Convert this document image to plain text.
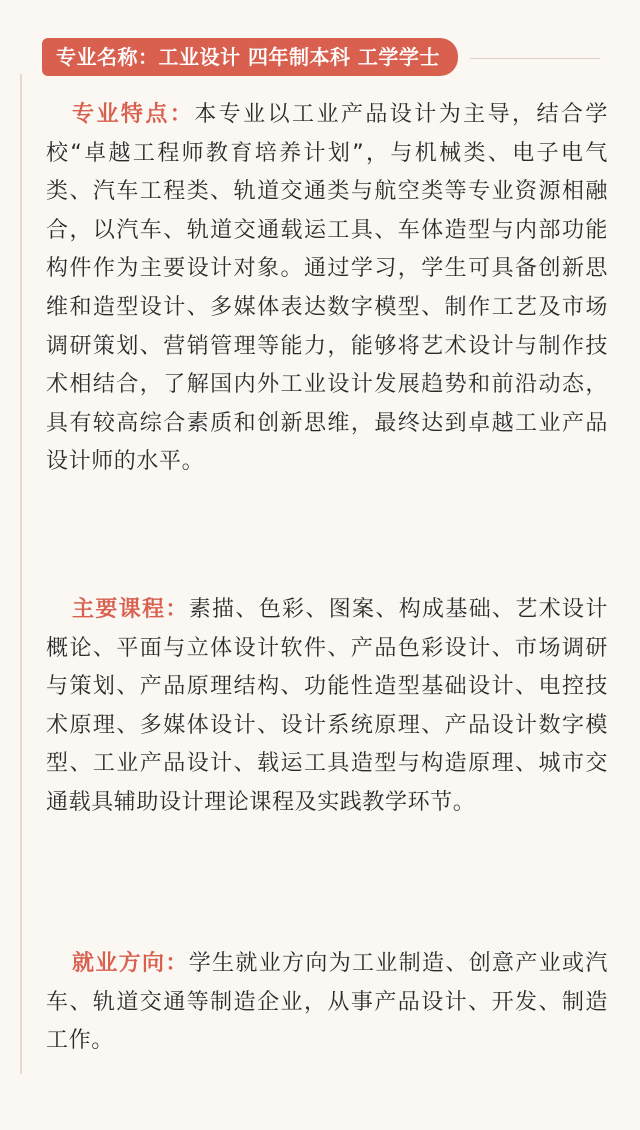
专业名称：工业设计 四年制本科 工学学士
专业特点：本专业以工业产品设计为主导，结合学校“卓越工程师教育培养计划”，与机械类、电子电气类、汽车工程类、轨道交通类与航空类等专业资源相融合，以汽车、轨道交通载运工具、车体造型与内部功能构件作为主要设计对象。通过学习，学生可具备创新思维和造型设计、多媒体表达数字模型、制作工艺及市场调研策划、营销管理等能力，能够将艺术设计与制作技术相结合，了解国内外工业设计发展趋势和前沿动态，具有较高综合素质和创新思维，最终达到卓越工业产品设计师的水平。
主要课程：素描、色彩、图案、构成基础、艺术设计概论、平面与立体设计软件、产品色彩设计、市场调研与策划、产品原理结构、功能性造型基础设计、电控技术原理、多媒体设计、设计系统原理、产品设计数字模型、工业产品设计、载运工具造型与构造原理、城市交通载具辅助设计理论课程及实践教学环节。
就业方向：学生就业方向为工业制造、创意产业或汽车、轨道交通等制造企业，从事产品设计、开发、制造工作。
